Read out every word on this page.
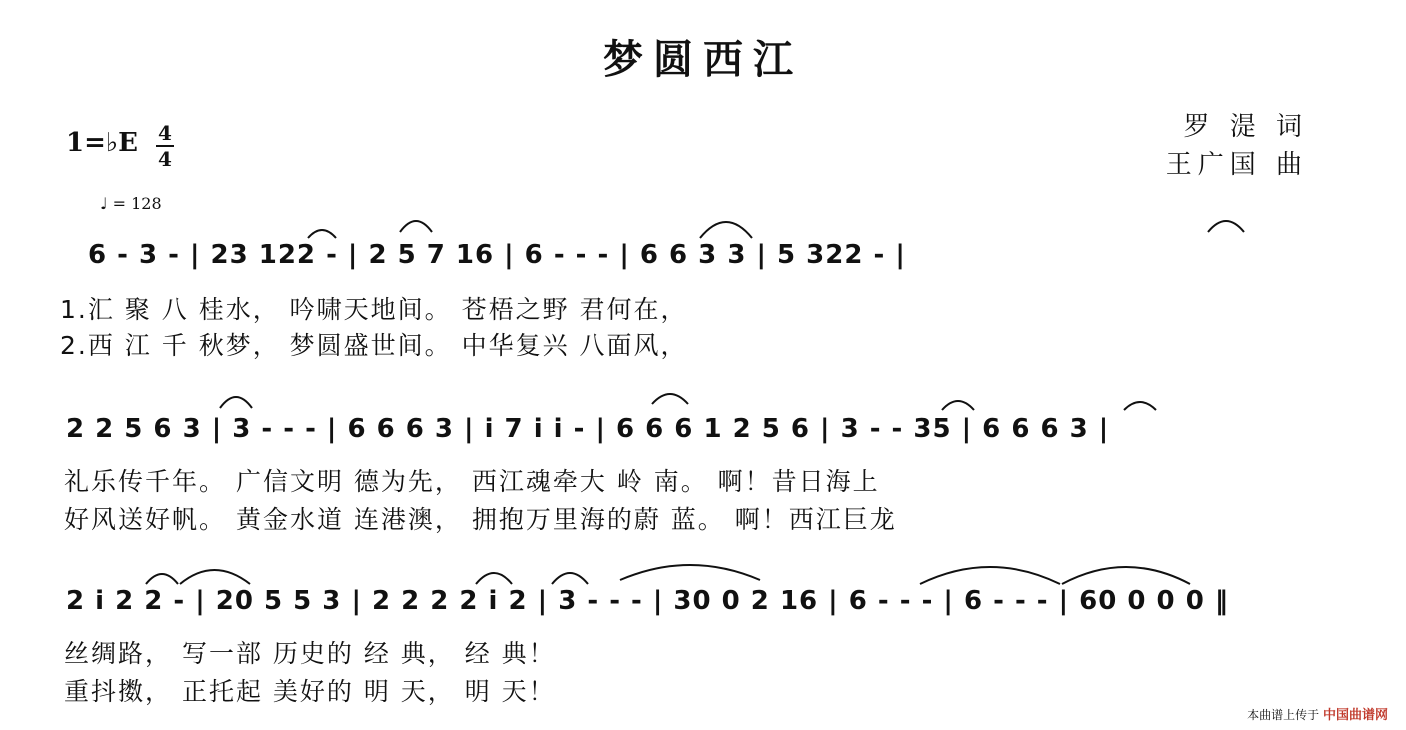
梦圆西江
罗 湜 词
王广国 曲
1=♭E 4
4
♩ = 128
6 - 3 - | 23 122 - | 2 5 7 16 | 6 - - - | 6 6 3 3 | 5 322 - |
1.汇 聚 八 桂水， 吟啸天地间。 苍梧之野 君何在，
2.西 江 千 秋梦， 梦圆盛世间。 中华复兴 八面风，
2 2 5 6 3 | 3 - - - | 6 6 6 3 | i 7 i i - | 6 6 6 1 2 5 6 | 3 - - 35 | 6 6 6 3 |
礼乐传千年。 广信文明 德为先， 西江魂牵大 岭 南。 啊！昔日海上
好风送好帆。 黄金水道 连港澳， 拥抱万里海的蔚 蓝。 啊！西江巨龙
2 i 2 2 - | 20 5 5 3 | 2 2 2 2 i 2 | 3 - - - | 30 0 2 16 | 6 - - - | 6 - - - | 60 0 0 0 ‖
丝绸路， 写一部 历史的 经 典， 经 典！
重抖擞， 正托起 美好的 明 天， 明 天！
本曲谱上传于 中国曲谱网
